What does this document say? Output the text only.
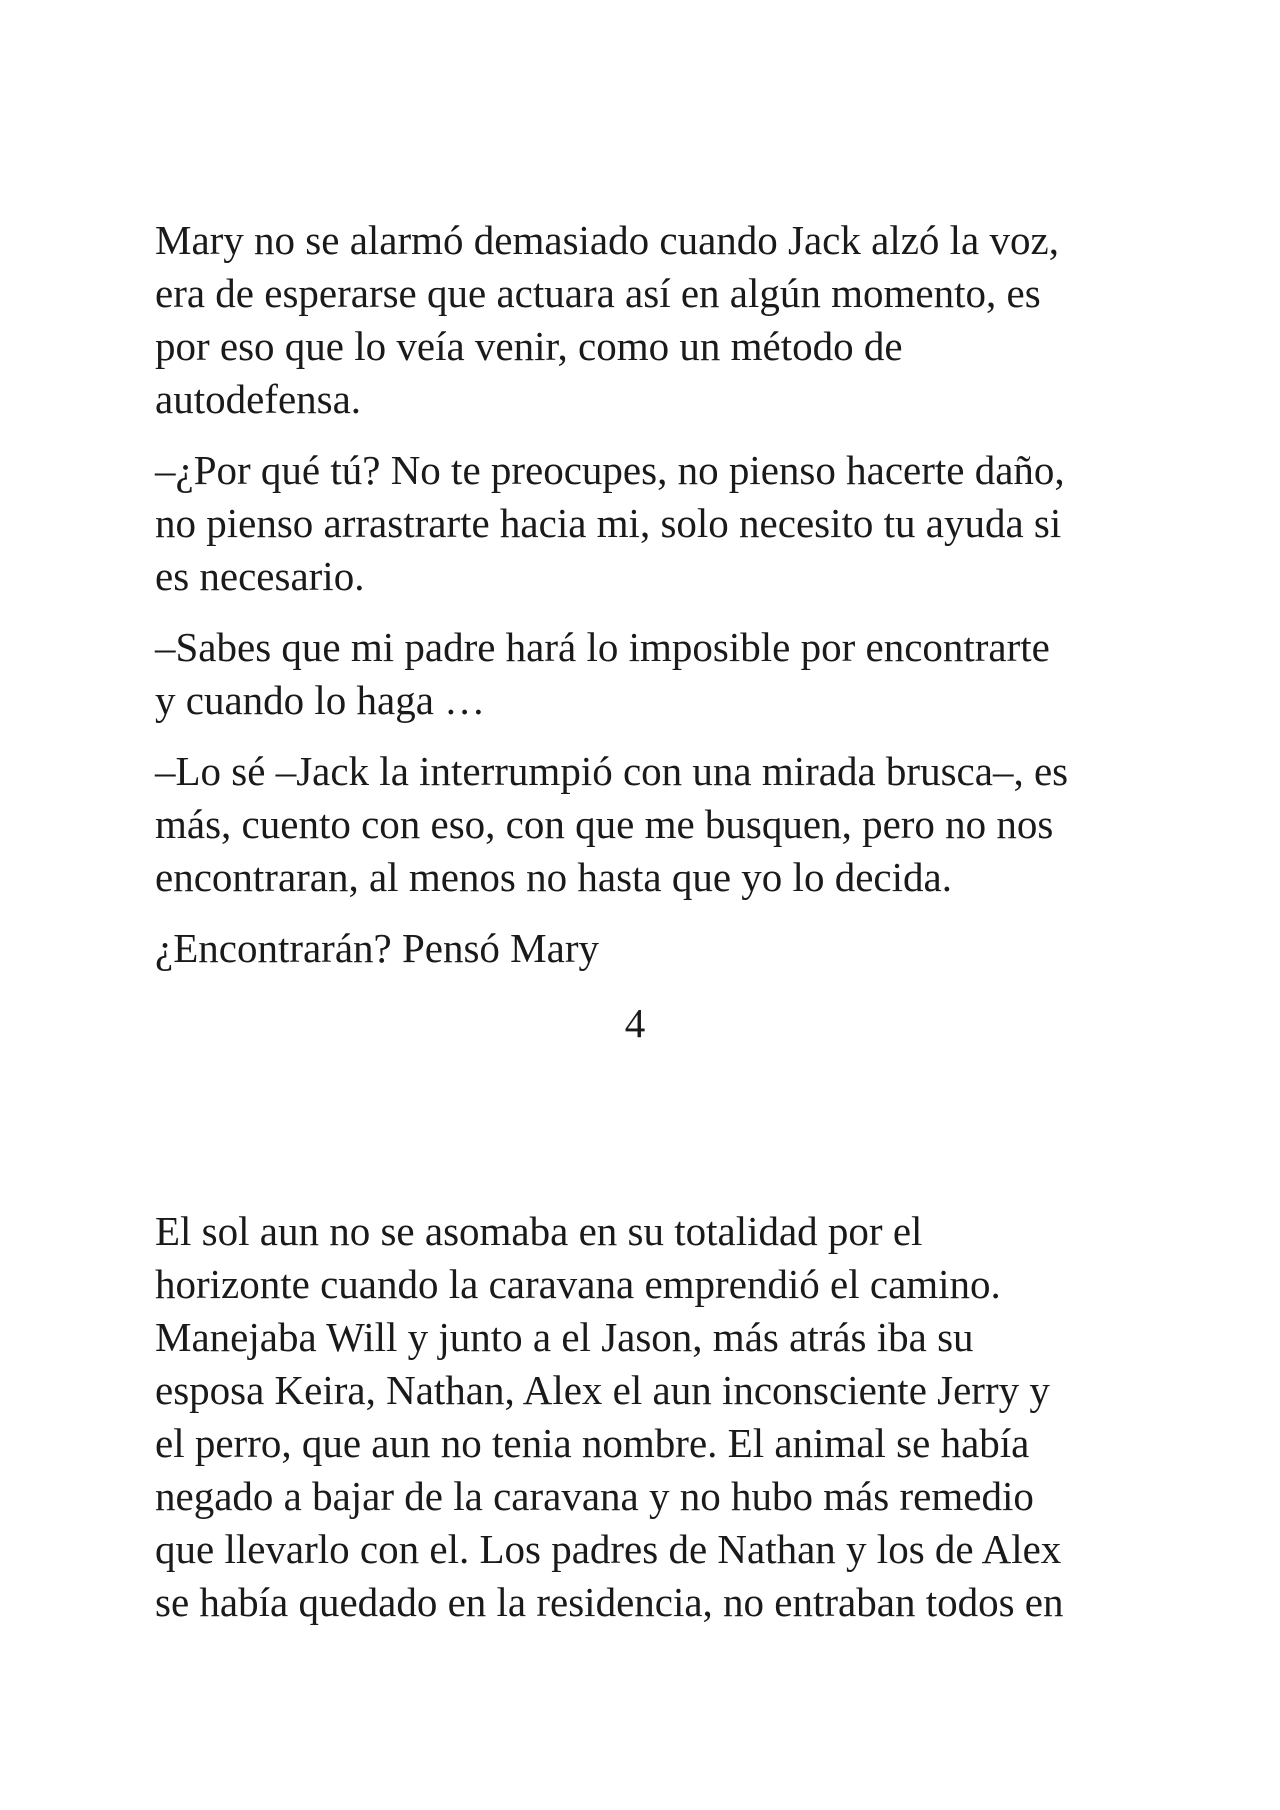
Mary no se alarmó demasiado cuando Jack alzó la voz,
era de esperarse que actuara así en algún momento, es
por eso que lo veía venir, como un método de
autodefensa.

–¿Por qué tú? No te preocupes, no pienso hacerte daño,
no pienso arrastrarte hacia mi, solo necesito tu ayuda si
es necesario.

–Sabes que mi padre hará lo imposible por encontrarte
y cuando lo haga …

–Lo sé –Jack la interrumpió con una mirada brusca–, es
más, cuento con eso, con que me busquen, pero no nos
encontraran, al menos no hasta que yo lo decida.

¿Encontrarán? Pensó Mary

4

El sol aun no se asomaba en su totalidad por el
horizonte cuando la caravana emprendió el camino.
Manejaba Will y junto a el Jason, más atrás iba su
esposa Keira, Nathan, Alex el aun inconsciente Jerry y
el perro, que aun no tenia nombre. El animal se había
negado a bajar de la caravana y no hubo más remedio
que llevarlo con el. Los padres de Nathan y los de Alex
se había quedado en la residencia, no entraban todos en
